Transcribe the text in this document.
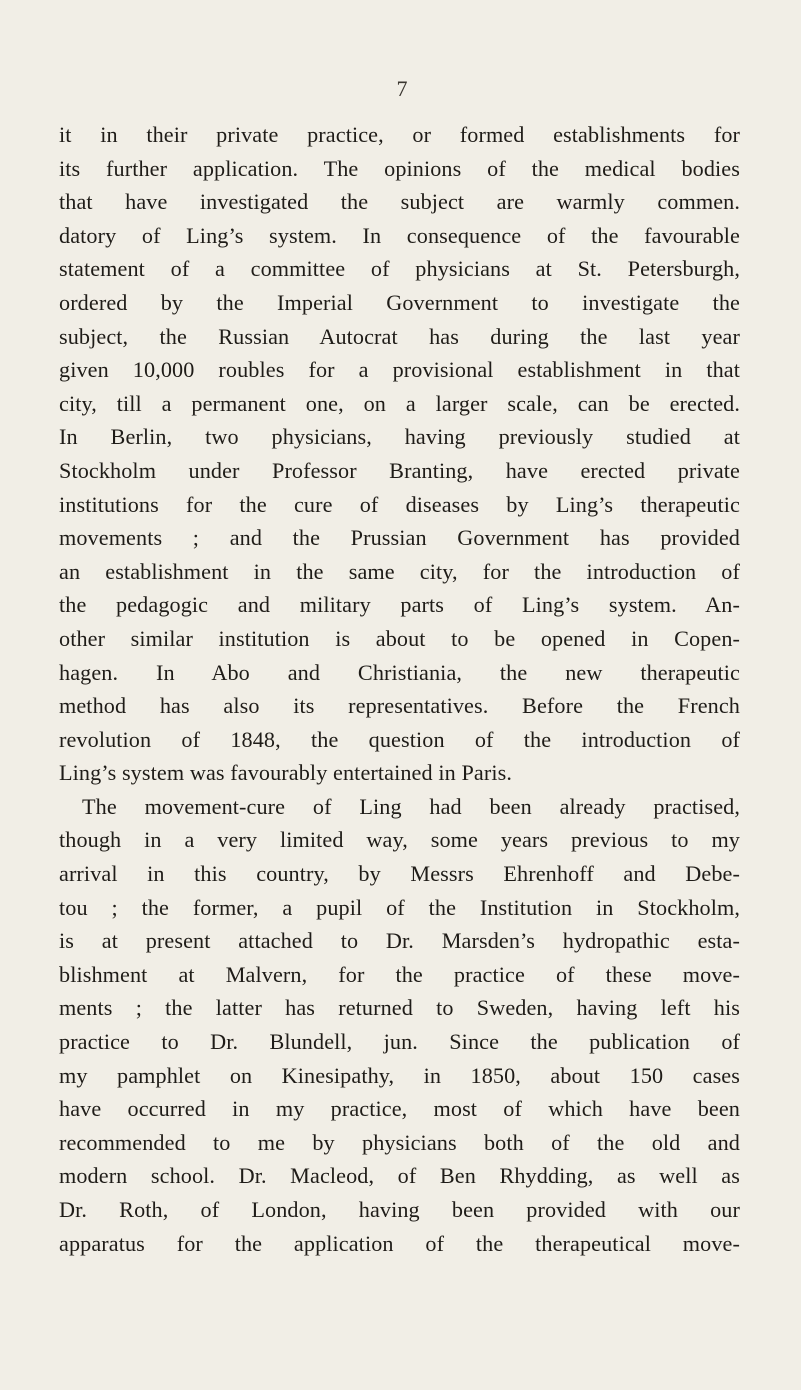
7
it in their private practice, or formed establishments for
its further application. The opinions of the medical bodies
that have investigated the subject are warmly commen.
datory of Ling’s system. In consequence of the favourable
statement of a committee of physicians at St. Petersburgh,
ordered by the Imperial Government to investigate the
subject, the Russian Autocrat has during the last year
given 10,000 roubles for a provisional establishment in that
city, till a permanent one, on a larger scale, can be erected.
In Berlin, two physicians, having previously studied at
Stockholm under Professor Branting, have erected private
institutions for the cure of diseases by Ling’s therapeutic
movements ; and the Prussian Government has provided
an establishment in the same city, for the introduction of
the pedagogic and military parts of Ling’s system. An-
other similar institution is about to be opened in Copen-
hagen. In Abo and Christiania, the new therapeutic
method has also its representatives. Before the French
revolution of 1848, the question of the introduction of
Ling’s system was favourably entertained in Paris.
The movement-cure of Ling had been already practised,
though in a very limited way, some years previous to my
arrival in this country, by Messrs Ehrenhoff and Debe-
tou ; the former, a pupil of the Institution in Stockholm,
is at present attached to Dr. Marsden’s hydropathic esta-
blishment at Malvern, for the practice of these move-
ments ; the latter has returned to Sweden, having left his
practice to Dr. Blundell, jun. Since the publication of
my pamphlet on Kinesipathy, in 1850, about 150 cases
have occurred in my practice, most of which have been
recommended to me by physicians both of the old and
modern school. Dr. Macleod, of Ben Rhydding, as well as
Dr. Roth, of London, having been provided with our
apparatus for the application of the therapeutical move-
